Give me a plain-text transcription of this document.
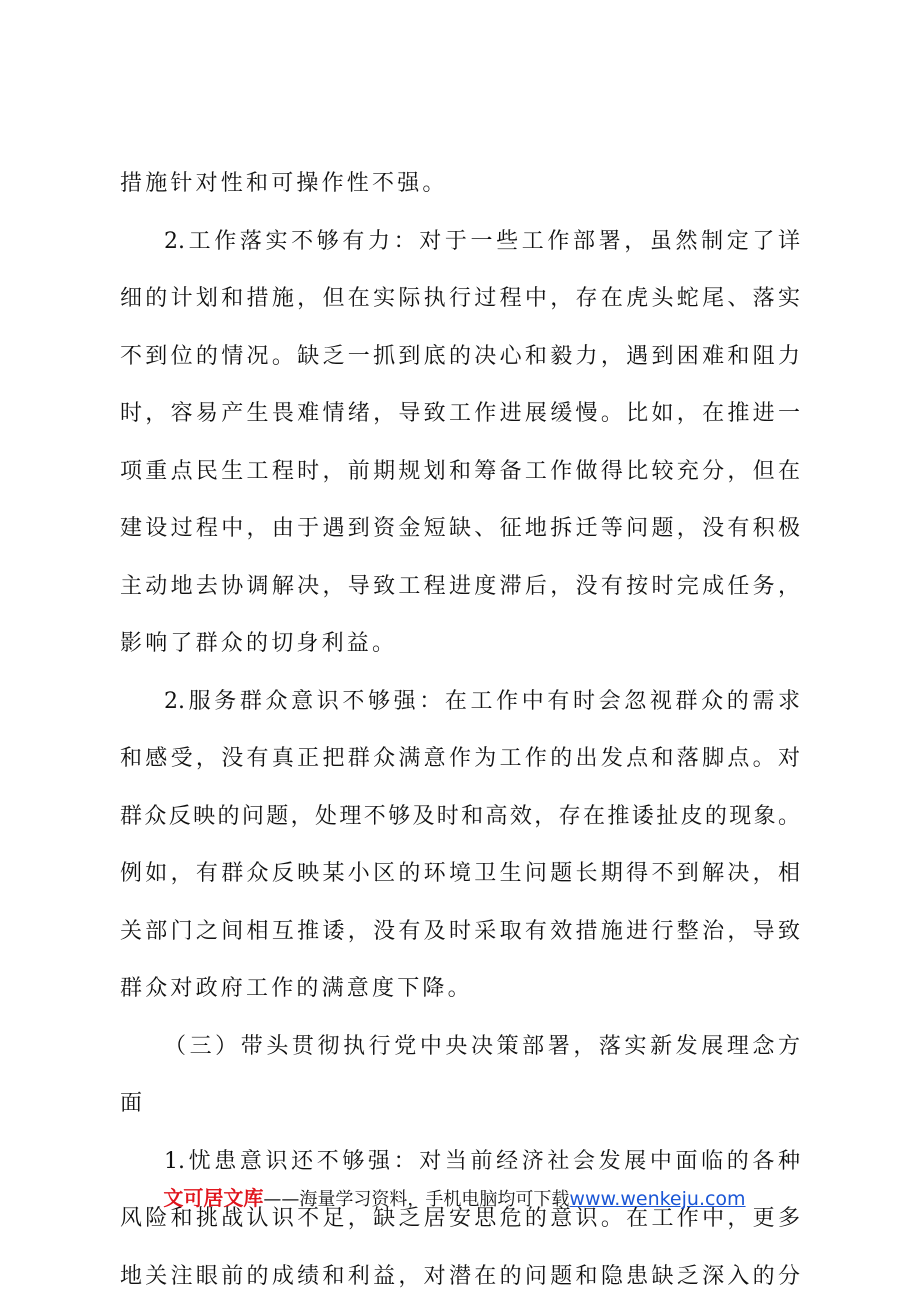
措施针对性和可操作性不强。
2.工作落实不够有力：对于一些工作部署，虽然制定了详
细的计划和措施，但在实际执行过程中，存在虎头蛇尾、落实
不到位的情况。缺乏一抓到底的决心和毅力，遇到困难和阻力
时，容易产生畏难情绪，导致工作进展缓慢。比如，在推进一
项重点民生工程时，前期规划和筹备工作做得比较充分，但在
建设过程中，由于遇到资金短缺、征地拆迁等问题，没有积极
主动地去协调解决，导致工程进度滞后，没有按时完成任务，
影响了群众的切身利益。
2.服务群众意识不够强：在工作中有时会忽视群众的需求
和感受，没有真正把群众满意作为工作的出发点和落脚点。对
群众反映的问题，处理不够及时和高效，存在推诿扯皮的现象。
例如，有群众反映某小区的环境卫生问题长期得不到解决，相
关部门之间相互推诿，没有及时采取有效措施进行整治，导致
群众对政府工作的满意度下降。
（三）带头贯彻执行党中央决策部署，落实新发展理念方
面
1.忧患意识还不够强：对当前经济社会发展中面临的各种
风险和挑战认识不足，缺乏居安思危的意识。在工作中，更多
地关注眼前的成绩和利益，对潜在的问题和隐患缺乏深入的分
文可居文库——海量学习资料，手机电脑均可下载www.wenkeju.com
